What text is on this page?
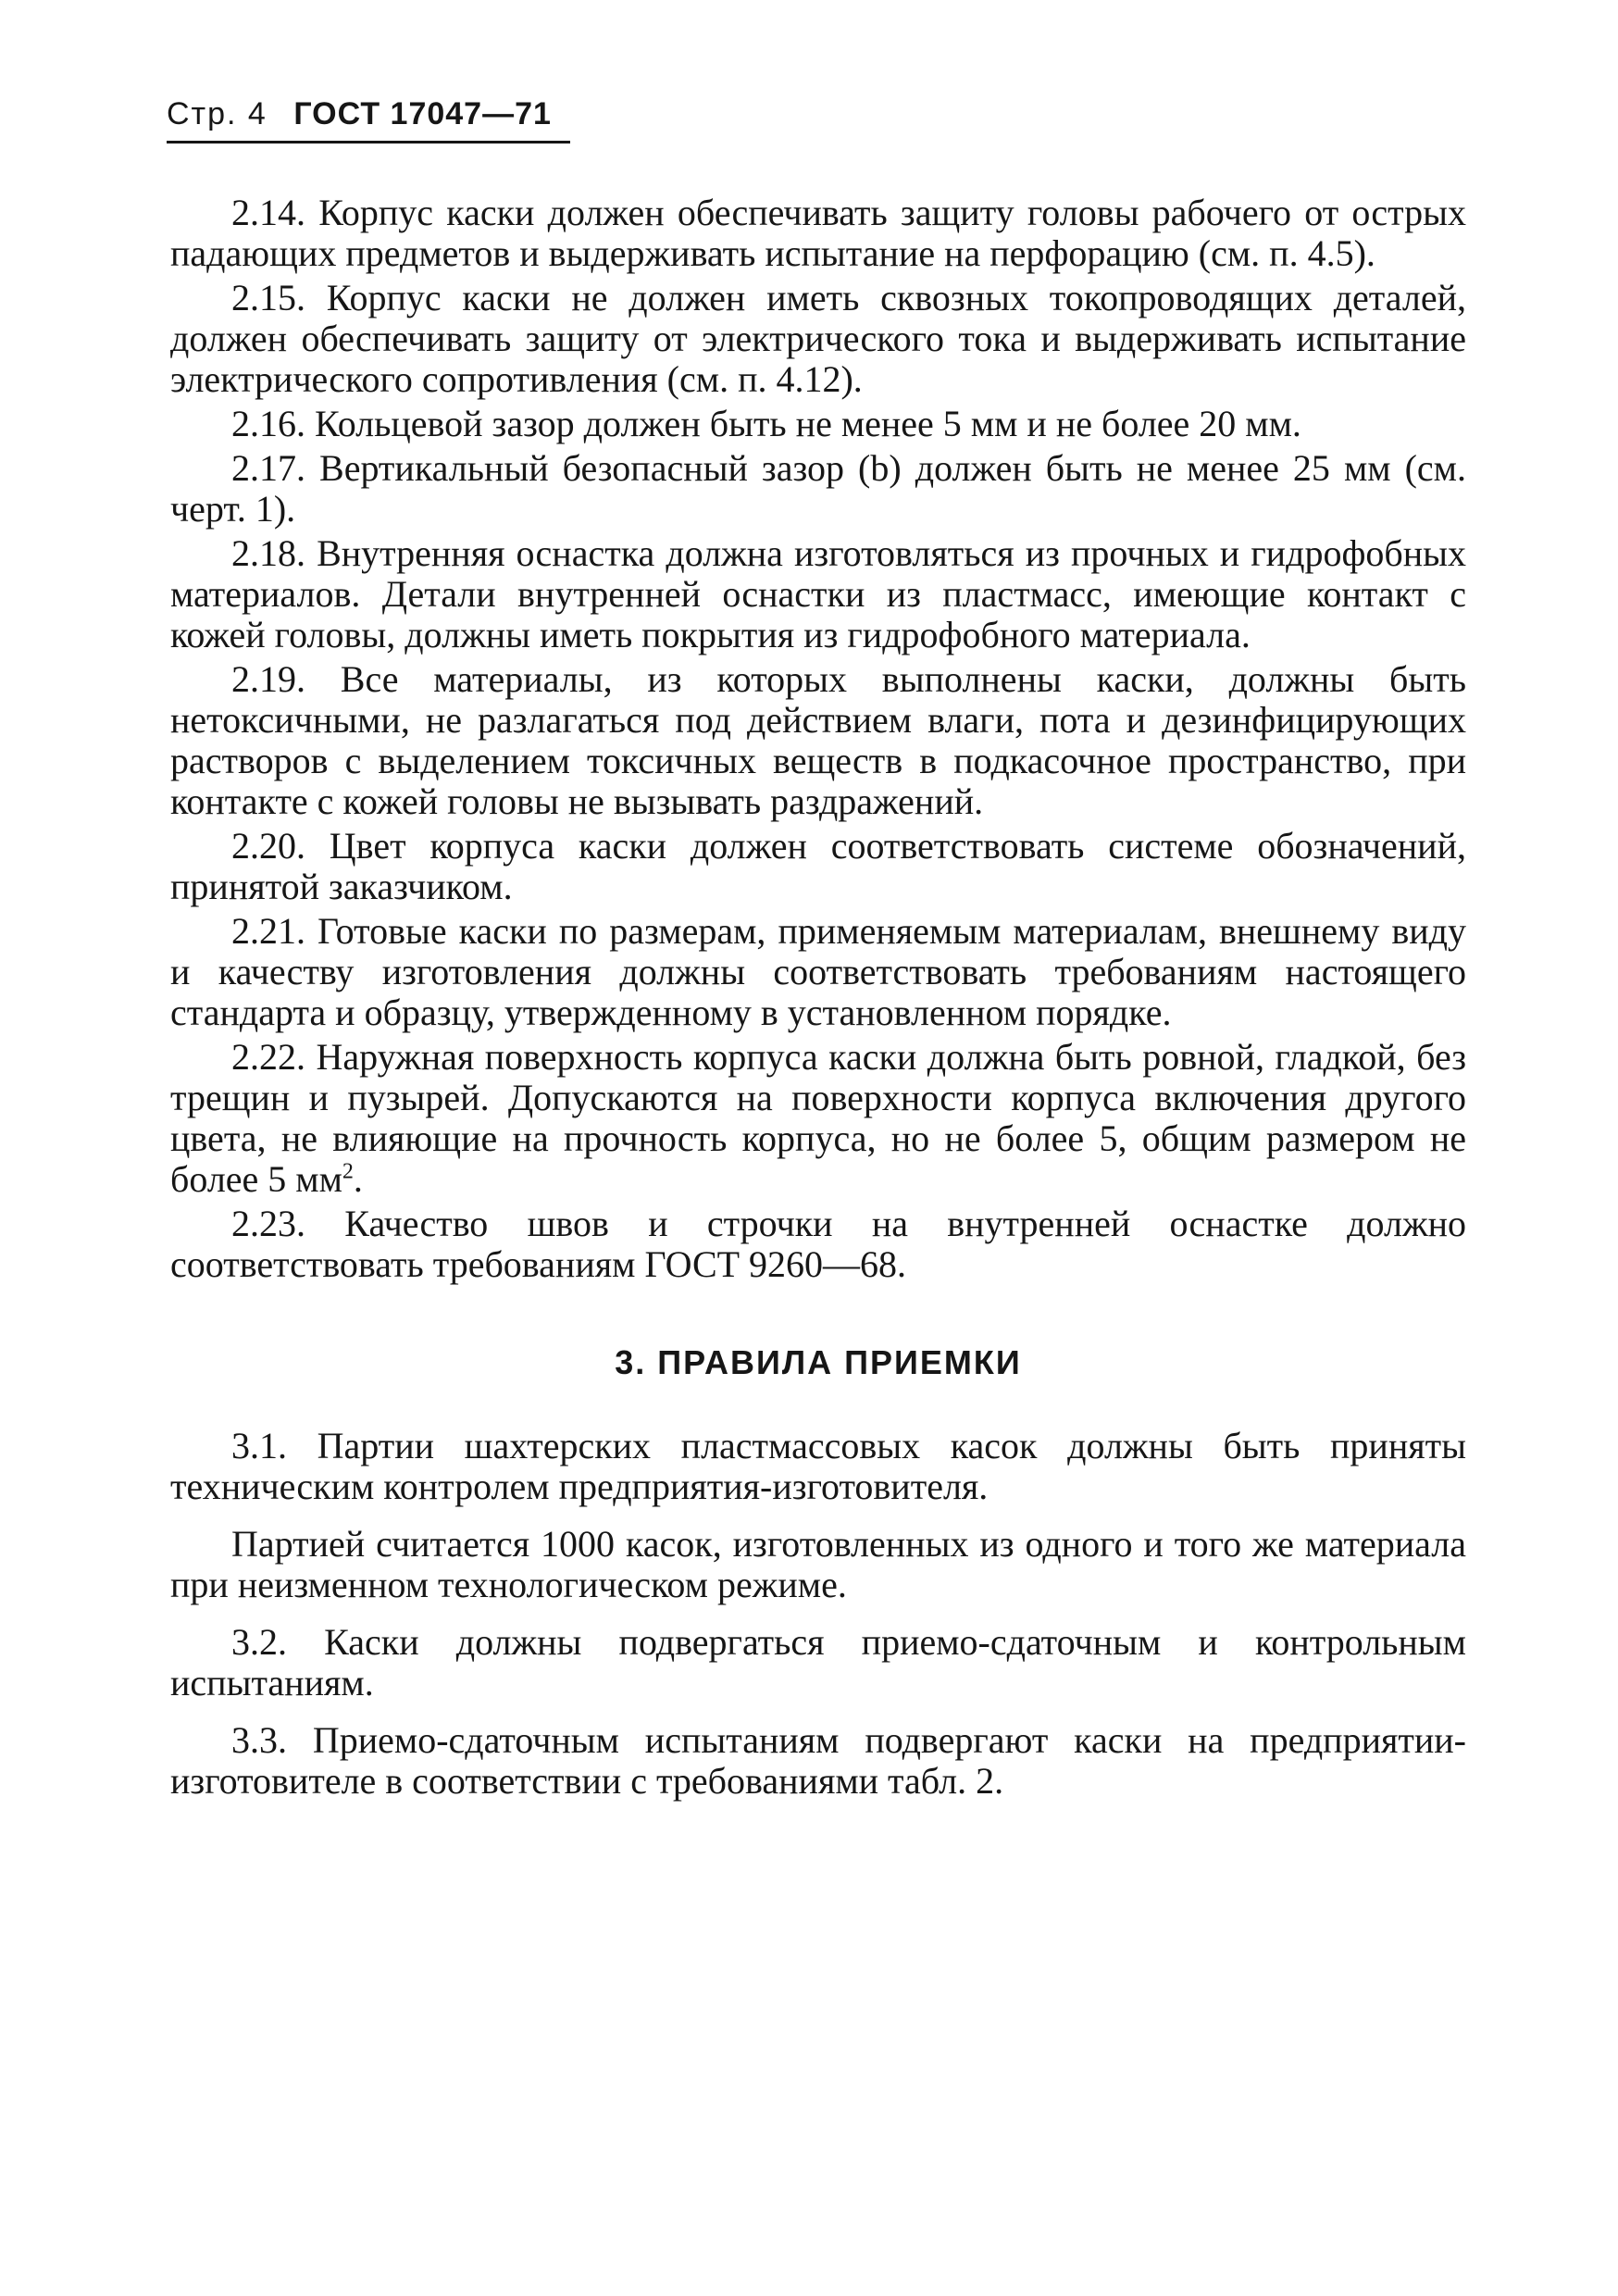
Стр. 4 ГОСТ 17047—71

2.14. Корпус каски должен обеспечивать защиту головы рабочего от острых падающих предметов и выдерживать испытание на перфорацию (см. п. 4.5).

2.15. Корпус каски не должен иметь сквозных токопроводящих деталей, должен обеспечивать защиту от электрического тока и выдерживать испытание электрического сопротивления (см. п. 4.12).

2.16. Кольцевой зазор должен быть не менее 5 мм и не более 20 мм.

2.17. Вертикальный безопасный зазор (b) должен быть не менее 25 мм (см. черт. 1).

2.18. Внутренняя оснастка должна изготовляться из прочных и гидрофобных материалов. Детали внутренней оснастки из пластмасс, имеющие контакт с кожей головы, должны иметь покрытия из гидрофобного материала.

2.19. Все материалы, из которых выполнены каски, должны быть нетоксичными, не разлагаться под действием влаги, пота и дезинфицирующих растворов с выделением токсичных веществ в подкасочное пространство, при контакте с кожей головы не вызывать раздражений.

2.20. Цвет корпуса каски должен соответствовать системе обозначений, принятой заказчиком.

2.21. Готовые каски по размерам, применяемым материалам, внешнему виду и качеству изготовления должны соответствовать требованиям настоящего стандарта и образцу, утвержденному в установленном порядке.

2.22. Наружная поверхность корпуса каски должна быть ровной, гладкой, без трещин и пузырей. Допускаются на поверхности корпуса включения другого цвета, не влияющие на прочность корпуса, но не более 5, общим размером не более 5 $мм^2$.

2.23. Качество швов и строчки на внутренней оснастке должно соответствовать требованиям ГОСТ 9260—68.

3. ПРАВИЛА ПРИЕМКИ

3.1. Партии шахтерских пластмассовых касок должны быть приняты техническим контролем предприятия-изготовителя.

Партией считается 1000 касок, изготовленных из одного и того же материала при неизменном технологическом режиме.

3.2. Каски должны подвергаться приемо-сдаточным и контрольным испытаниям.

3.3. Приемо-сдаточным испытаниям подвергают каски на предприятии-изготовителе в соответствии с требованиями табл. 2.
